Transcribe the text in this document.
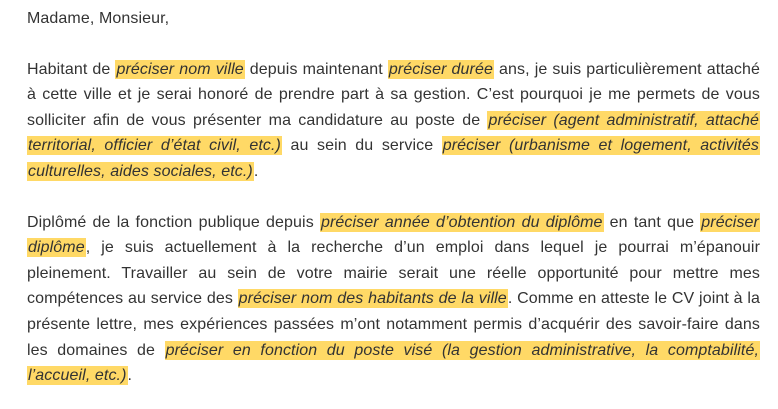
Madame, Monsieur,

Habitant de préciser nom ville depuis maintenant préciser durée ans, je suis particulièrement attaché à cette ville et je serai honoré de prendre part à sa gestion. C’est pourquoi je me permets de vous solliciter afin de vous présenter ma candidature au poste de préciser (agent administratif, attaché territorial, officier d’état civil, etc.) au sein du service préciser (urbanisme et logement, activités culturelles, aides sociales, etc.).

Diplômé de la fonction publique depuis préciser année d’obtention du diplôme en tant que préciser diplôme, je suis actuellement à la recherche d’un emploi dans lequel je pourrai m’épanouir pleinement. Travailler au sein de votre mairie serait une réelle opportunité pour mettre mes compétences au service des préciser nom des habitants de la ville. Comme en atteste le CV joint à la présente lettre, mes expériences passées m’ont notamment permis d’acquérir des savoir-faire dans les domaines de préciser en fonction du poste visé (la gestion administrative, la comptabilité, l’accueil, etc.).
